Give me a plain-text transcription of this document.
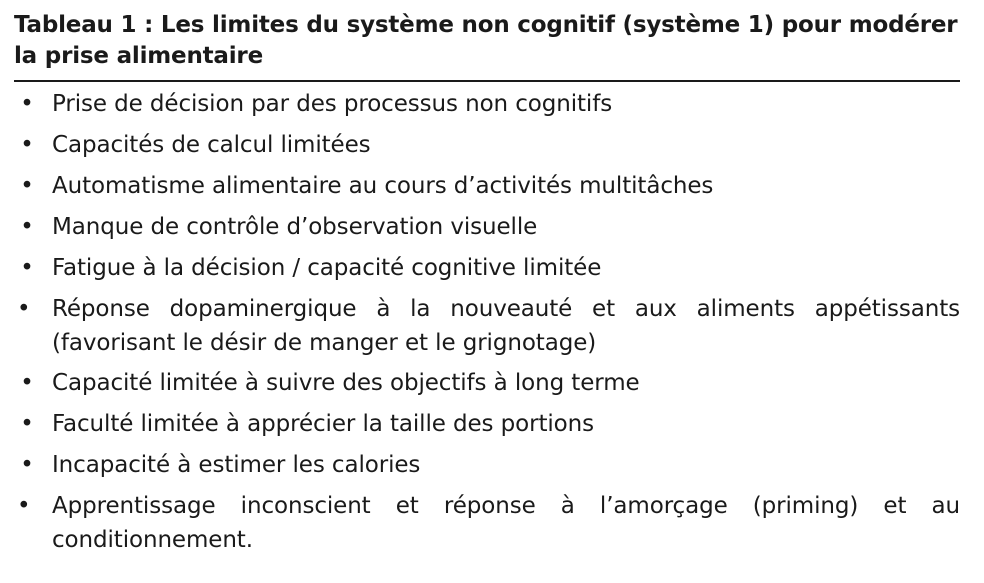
Tableau 1 : Les limites du système non cognitif (système 1) pour modérer la prise alimentaire
• Prise de décision par des processus non cognitifs
• Capacités de calcul limitées
• Automatisme alimentaire au cours d’activités multitâches
• Manque de contrôle d’observation visuelle
• Fatigue à la décision / capacité cognitive limitée
• Réponse dopaminergique à la nouveauté et aux aliments appétissants (favorisant le désir de manger et le grignotage)
• Capacité limitée à suivre des objectifs à long terme
• Faculté limitée à apprécier la taille des portions
• Incapacité à estimer les calories
• Apprentissage inconscient et réponse à l’amorçage (priming) et au conditionnement.
